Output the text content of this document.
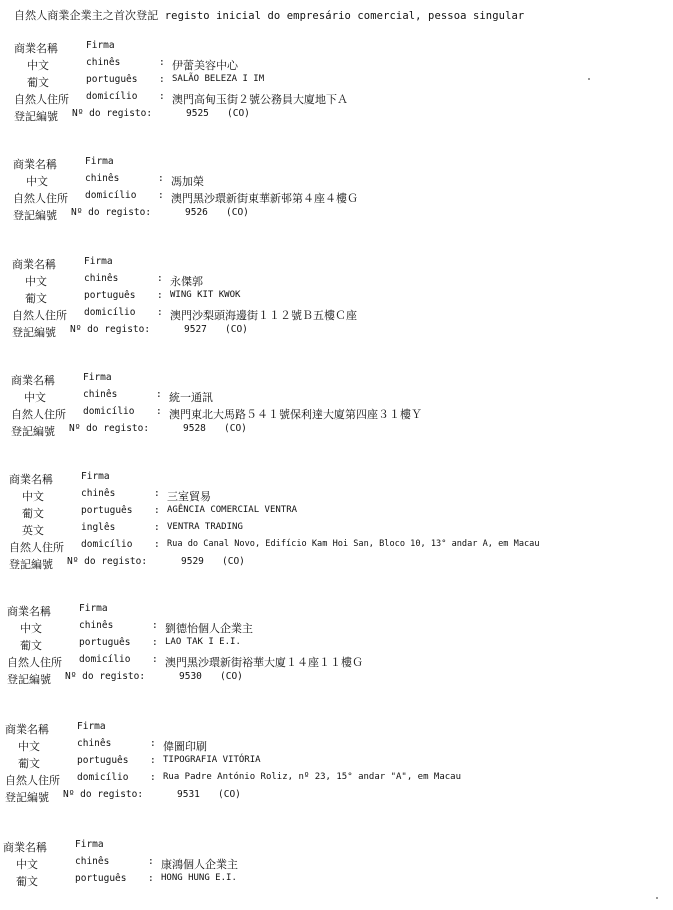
自然人商業企業主之首次登記 registo inicial do empresário comercial, pessoa singular
商業名稱	Firma
中文	chinês	: 伊蕾美容中心
葡文	português : SALÃO BELEZA I IM
自然人住所 domicílio : 澳門高甸玉街２號公務員大廈地下Ａ
登記編號 Nº do registo:	9525 (CO)
商業名稱	Firma
中文	chinês	: 馮加榮
自然人住所 domicílio : 澳門黑沙環新街東華新邨第４座４樓Ｇ
登記編號 Nº do registo:	9526 (CO)
商業名稱	Firma
中文	chinês	: 永傑郭
葡文	português : WING KIT KWOK
自然人住所 domicílio : 澳門沙梨頭海邊街１１２號Ｂ五樓Ｃ座
登記編號 Nº do registo:	9527 (CO)
商業名稱	Firma
中文	chinês	: 統一通訊
自然人住所 domicílio : 澳門東北大馬路５４１號保利達大廈第四座３１樓Ｙ
登記編號 Nº do registo:	9528 (CO)
商業名稱	Firma
中文	chinês	: 三室貿易
葡文	português : AGÊNCIA COMERCIAL VENTRA
英文	inglês	: VENTRA TRADING
自然人住所 domicílio : Rua do Canal Novo, Edifício Kam Hoi San, Bloco 10, 13° andar A, em Macau
登記編號 Nº do registo:	9529 (CO)
商業名稱	Firma
中文	chinês	: 劉德怡個人企業主
葡文	português : LAO TAK I E.I.
自然人住所 domicílio : 澳門黑沙環新街裕華大廈１４座１１樓Ｇ
登記編號 Nº do registo:	9530 (CO)
商業名稱	Firma
中文	chinês	: 偉圖印刷
葡文	português : TIPOGRAFIA VITÓRIA
自然人住所 domicílio : Rua Padre António Roliz, nº 23, 15° andar "A", em Macau
登記編號 Nº do registo:	9531 (CO)
商業名稱	Firma
中文	chinês	: 康鴻個人企業主
葡文	português : HONG HUNG E.I.
